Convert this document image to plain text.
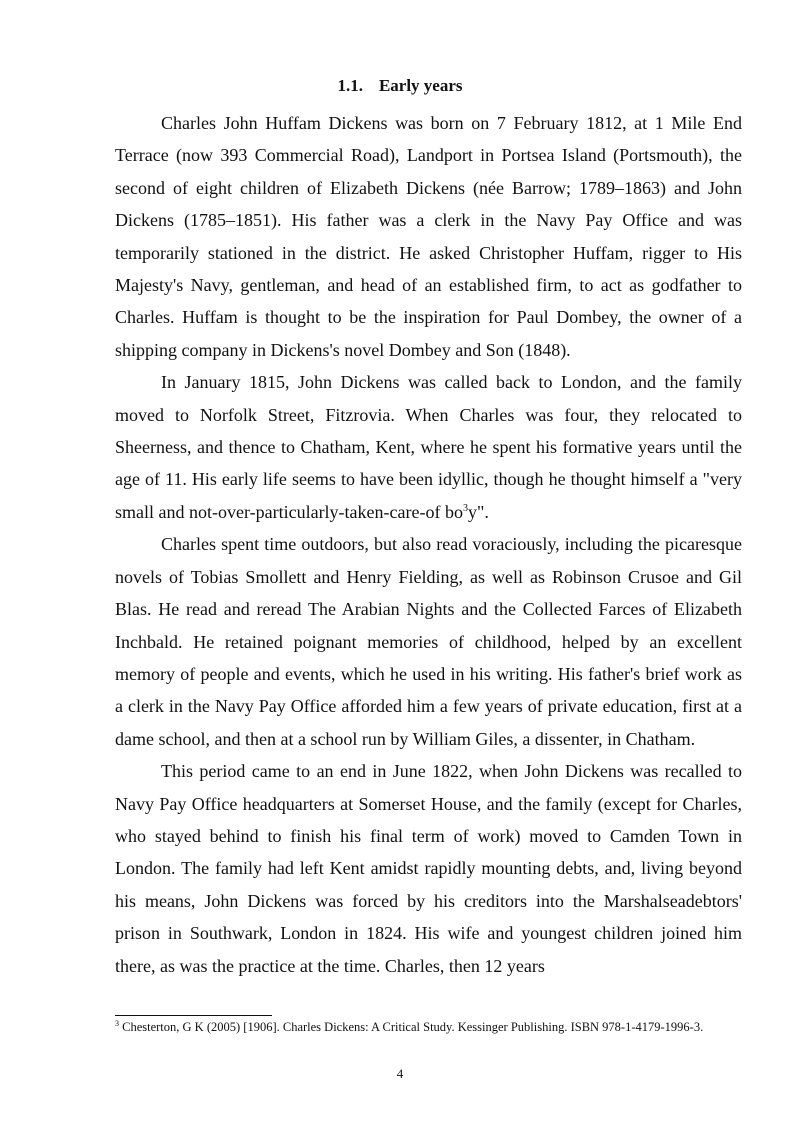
1.1. Early years

Charles John Huffam Dickens was born on 7 February 1812, at 1 Mile End Terrace (now 393 Commercial Road), Landport in Portsea Island (Portsmouth), the second of eight children of Elizabeth Dickens (née Barrow; 1789–1863) and John Dickens (1785–1851). His father was a clerk in the Navy Pay Office and was temporarily stationed in the district. He asked Christopher Huffam, rigger to His Majesty's Navy, gentleman, and head of an established firm, to act as godfather to Charles. Huffam is thought to be the inspiration for Paul Dombey, the owner of a shipping company in Dickens's novel Dombey and Son (1848).

In January 1815, John Dickens was called back to London, and the family moved to Norfolk Street, Fitzrovia. When Charles was four, they relocated to Sheerness, and thence to Chatham, Kent, where he spent his formative years until the age of 11. His early life seems to have been idyllic, though he thought himself a "very small and not-over-particularly-taken-care-of $bo^3y$".

Charles spent time outdoors, but also read voraciously, including the picaresque novels of Tobias Smollett and Henry Fielding, as well as Robinson Crusoe and Gil Blas. He read and reread The Arabian Nights and the Collected Farces of Elizabeth Inchbald. He retained poignant memories of childhood, helped by an excellent memory of people and events, which he used in his writing. His father's brief work as a clerk in the Navy Pay Office afforded him a few years of private education, first at a dame school, and then at a school run by William Giles, a dissenter, in Chatham.

This period came to an end in June 1822, when John Dickens was recalled to Navy Pay Office headquarters at Somerset House, and the family (except for Charles, who stayed behind to finish his final term of work) moved to Camden Town in London. The family had left Kent amidst rapidly mounting debts, and, living beyond his means, John Dickens was forced by his creditors into the Marshalseadebtors' prison in Southwark, London in 1824. His wife and youngest children joined him there, as was the practice at the time. Charles, then 12 years

$^3$ Chesterton, G K (2005) [1906]. Charles Dickens: A Critical Study. Kessinger Publishing. ISBN 978-1-4179-1996-3.
4
